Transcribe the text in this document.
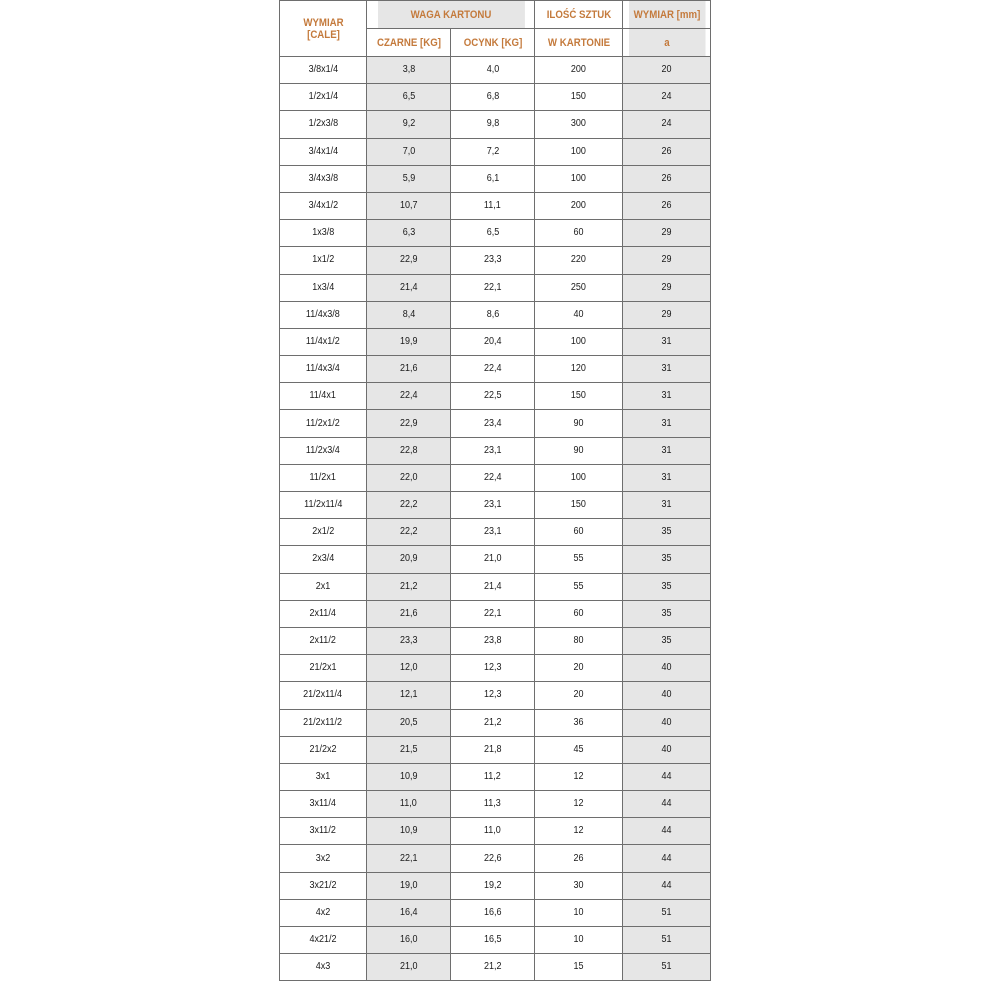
WYMIAR [CALE]	WAGA KARTONU		ILOŚĆ SZTUK	WYMIAR [mm]
	CZARNE [KG]	OCYNK [KG]	W KARTONIE	a
3/8x1/4	3,8	4,0	200	20
1/2x1/4	6,5	6,8	150	24
1/2x3/8	9,2	9,8	300	24
3/4x1/4	7,0	7,2	100	26
3/4x3/8	5,9	6,1	100	26
3/4x1/2	10,7	11,1	200	26
1x3/8	6,3	6,5	60	29
1x1/2	22,9	23,3	220	29
1x3/4	21,4	22,1	250	29
11/4x3/8	8,4	8,6	40	29
11/4x1/2	19,9	20,4	100	31
11/4x3/4	21,6	22,4	120	31
11/4x1	22,4	22,5	150	31
11/2x1/2	22,9	23,4	90	31
11/2x3/4	22,8	23,1	90	31
11/2x1	22,0	22,4	100	31
11/2x11/4	22,2	23,1	150	31
2x1/2	22,2	23,1	60	35
2x3/4	20,9	21,0	55	35
2x1	21,2	21,4	55	35
2x11/4	21,6	22,1	60	35
2x11/2	23,3	23,8	80	35
21/2x1	12,0	12,3	20	40
21/2x11/4	12,1	12,3	20	40
21/2x11/2	20,5	21,2	36	40
21/2x2	21,5	21,8	45	40
3x1	10,9	11,2	12	44
3x11/4	11,0	11,3	12	44
3x11/2	10,9	11,0	12	44
3x2	22,1	22,6	26	44
3x21/2	19,0	19,2	30	44
4x2	16,4	16,6	10	51
4x21/2	16,0	16,5	10	51
4x3	21,0	21,2	15	51
